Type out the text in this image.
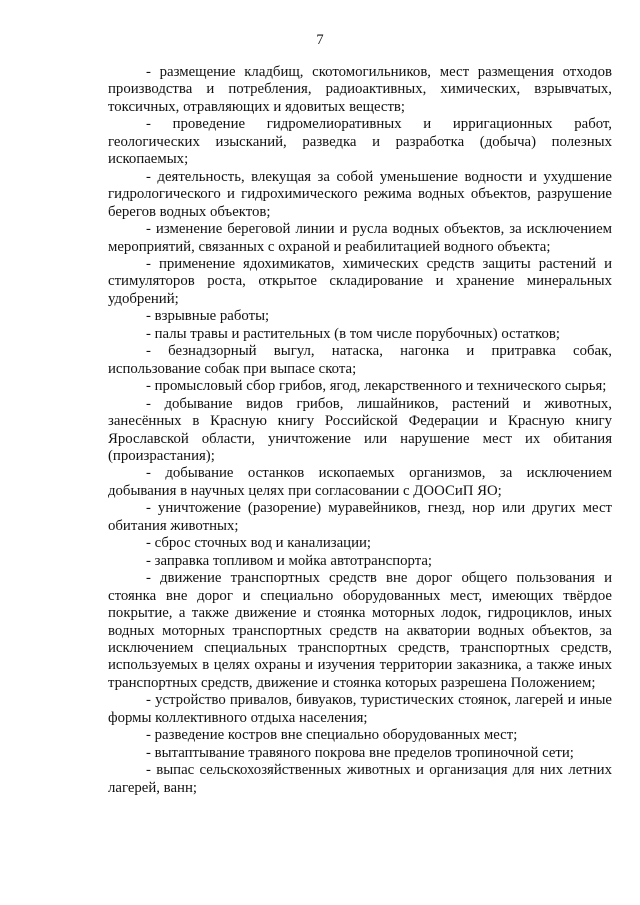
7

- размещение кладбищ, скотомогильников, мест размещения отходов производства и потребления, радиоактивных, химических, взрывчатых, токсичных, отравляющих и ядовитых веществ;

- проведение гидромелиоративных и ирригационных работ, геологических изысканий, разведка и разработка (добыча) полезных ископаемых;

- деятельность, влекущая за собой уменьшение водности и ухудшение гидрологического и гидрохимического режима водных объектов, разрушение берегов водных объектов;

- изменение береговой линии и русла водных объектов, за исключением мероприятий, связанных с охраной и реабилитацией водного объекта;

- применение ядохимикатов, химических средств защиты растений и стимуляторов роста, открытое складирование и хранение минеральных удобрений;

- взрывные работы;

- палы травы и растительных (в том числе порубочных) остатков;

- безнадзорный выгул, натаска, нагонка и притравка собак, использование собак при выпасе скота;

- промысловый сбор грибов, ягод, лекарственного и технического сырья;

- добывание видов грибов, лишайников, растений и животных, занесённых в Красную книгу Российской Федерации и Красную книгу Ярославской области, уничтожение или нарушение мест их обитания (произрастания);

- добывание останков ископаемых организмов, за исключением добывания в научных целях при согласовании с ДООСиП ЯО;

- уничтожение (разорение) муравейников, гнезд, нор или других мест обитания животных;

- сброс сточных вод и канализации;

- заправка топливом и мойка автотранспорта;

- движение транспортных средств вне дорог общего пользования и стоянка вне дорог и специально оборудованных мест, имеющих твёрдое покрытие, а также движение и стоянка моторных лодок, гидроциклов, иных водных моторных транспортных средств на акватории водных объектов, за исключением специальных транспортных средств, транспортных средств, используемых в целях охраны и изучения территории заказника, а также иных транспортных средств, движение и стоянка которых разрешена Положением;

- устройство привалов, бивуаков, туристических стоянок, лагерей и иные формы коллективного отдыха населения;

- разведение костров вне специально оборудованных мест;

- вытаптывание травяного покрова вне пределов тропиночной сети;

- выпас сельскохозяйственных животных и организация для них летних лагерей, ванн;
